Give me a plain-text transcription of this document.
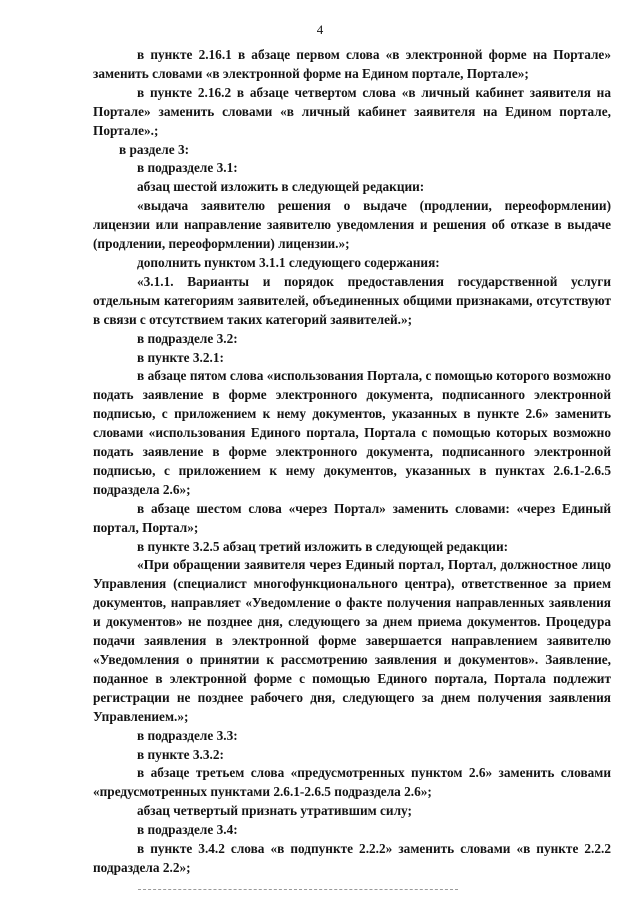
4

в пункте 2.16.1 в абзаце первом слова «в электронной форме на Портале» заменить словами «в электронной форме на Едином портале, Портале»;

в пункте 2.16.2 в абзаце четвертом слова «в личный кабинет заявителя на Портале» заменить словами «в личный кабинет заявителя на Едином портале, Портале».;

в разделе 3:

в подразделе 3.1:

абзац шестой изложить в следующей редакции:

«выдача заявителю решения о выдаче (продлении, переоформлении) лицензии или направление заявителю уведомления и решения об отказе в выдаче (продлении, переоформлении) лицензии.»;

дополнить пунктом 3.1.1 следующего содержания:

«3.1.1. Варианты и порядок предоставления государственной услуги отдельным категориям заявителей, объединенных общими признаками, отсутствуют в связи с отсутствием таких категорий заявителей.»;

в подразделе 3.2:

в пункте 3.2.1:

в абзаце пятом слова «использования Портала, с помощью которого возможно подать заявление в форме электронного документа, подписанного электронной подписью, с приложением к нему документов, указанных в пункте 2.6» заменить словами «использования Единого портала, Портала с помощью которых возможно подать заявление в форме электронного документа, подписанного электронной подписью, с приложением к нему документов, указанных в пунктах 2.6.1-2.6.5 подраздела 2.6»;

в абзаце шестом слова «через Портал» заменить словами: «через Единый портал, Портал»;

в пункте 3.2.5 абзац третий изложить в следующей редакции:

«При обращении заявителя через Единый портал, Портал, должностное лицо Управления (специалист многофункционального центра), ответственное за прием документов, направляет «Уведомление о факте получения направленных заявления и документов» не позднее дня, следующего за днем приема документов. Процедура подачи заявления в электронной форме завершается направлением заявителю «Уведомления о принятии к рассмотрению заявления и документов». Заявление, поданное в электронной форме с помощью Единого портала, Портала подлежит регистрации не позднее рабочего дня, следующего за днем получения заявления Управлением.»;

в подразделе 3.3:

в пункте 3.3.2:

в абзаце третьем слова «предусмотренных пунктом 2.6» заменить словами «предусмотренных пунктами 2.6.1-2.6.5 подраздела 2.6»;

абзац четвертый признать утратившим силу;

в подразделе 3.4:

в пункте 3.4.2 слова «в подпункте 2.2.2» заменить словами «в пункте 2.2.2 подраздела 2.2»;
